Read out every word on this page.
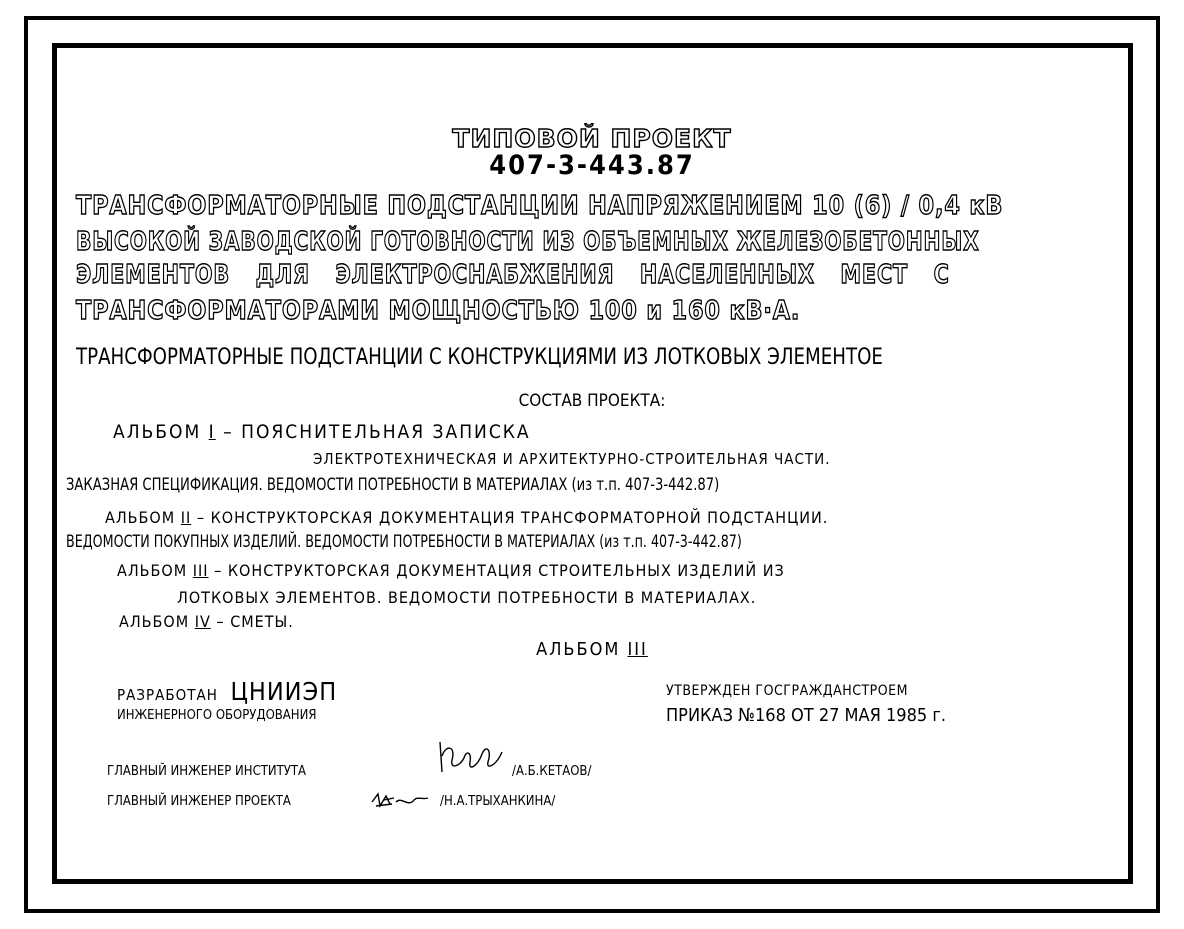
ТИПОВОЙ ПРОЕКТ
407-3-443.87
ТРАНСФОРМАТОРНЫЕ ПОДСТАНЦИИ НАПРЯЖЕНИЕМ 10 (6) / 0,4 кВ
ВЫСОКОЙ ЗАВОДСКОЙ ГОТОВНОСТИ ИЗ ОБЪЕМНЫХ ЖЕЛЕЗОБЕТОННЫХ
ЭЛЕМЕНТОВ ДЛЯ ЭЛЕКТРОСНАБЖЕНИЯ НАСЕЛЕННЫХ МЕСТ С
ТРАНСФОРМАТОРАМИ МОЩНОСТЬЮ 100 и 160 кВ·А.
ТРАНСФОРМАТОРНЫЕ ПОДСТАНЦИИ С КОНСТРУКЦИЯМИ ИЗ ЛОТКОВЫХ ЭЛЕМЕНТОЕ
СОСТАВ ПРОЕКТА:
АЛЬБОМ I – ПОЯСНИТЕЛЬНАЯ ЗАПИСКА
ЭЛЕКТРОТЕХНИЧЕСКАЯ И АРХИТЕКТУРНО-СТРОИТЕЛЬНАЯ ЧАСТИ.
ЗАКАЗНАЯ СПЕЦИФИКАЦИЯ. ВЕДОМОСТИ ПОТРЕБНОСТИ В МАТЕРИАЛАХ (из т.п. 407-3-442.87)
АЛЬБОМ II – КОНСТРУКТОРСКАЯ ДОКУМЕНТАЦИЯ ТРАНСФОРМАТОРНОЙ ПОДСТАНЦИИ.
ВЕДОМОСТИ ПОКУПНЫХ ИЗДЕЛИЙ. ВЕДОМОСТИ ПОТРЕБНОСТИ В МАТЕРИАЛАХ (из т.п. 407-3-442.87)
АЛЬБОМ III – КОНСТРУКТОРСКАЯ ДОКУМЕНТАЦИЯ СТРОИТЕЛЬНЫХ ИЗДЕЛИЙ ИЗ
ЛОТКОВЫХ ЭЛЕМЕНТОВ. ВЕДОМОСТИ ПОТРЕБНОСТИ В МАТЕРИАЛАХ.
АЛЬБОМ IV – СМЕТЫ.
АЛЬБОМ III
РАЗРАБОТАН ЦНИИЭП
ИНЖЕНЕРНОГО ОБОРУДОВАНИЯ
УТВЕРЖДЕН ГОСГРАЖДАНСТРОЕМ
ПРИКАЗ №168 ОТ 27 МАЯ 1985 г.
ГЛАВНЫЙ ИНЖЕНЕР ИНСТИТУТА	/А.Б.КЕТАОВ/
ГЛАВНЫЙ ИНЖЕНЕР ПРОЕКТА	/Н.А.ТРЫХАНКИНА/
